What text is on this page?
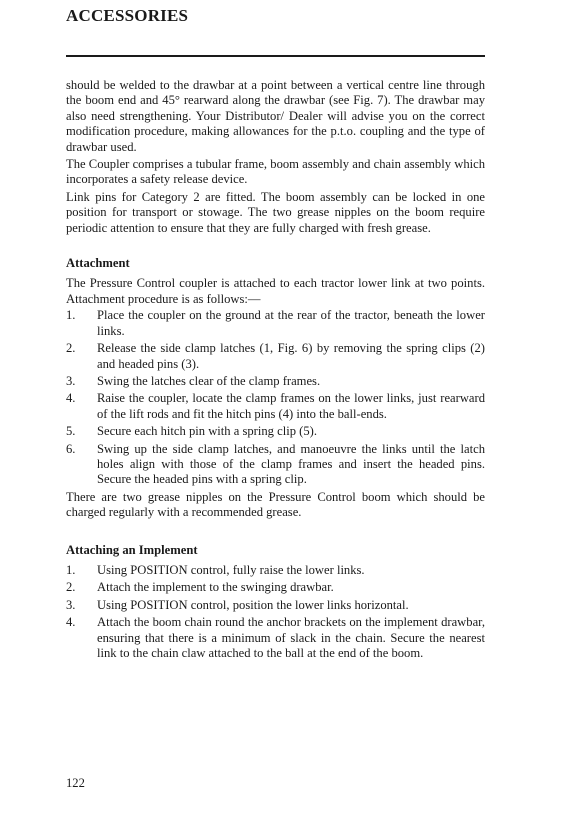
ACCESSORIES

should be welded to the drawbar at a point between a vertical centre line through the boom end and 45° rearward along the drawbar (see Fig. 7). The drawbar may also need strengthening. Your Distributor/ Dealer will advise you on the correct modification procedure, making allowances for the p.t.o. coupling and the type of drawbar used.

The Coupler comprises a tubular frame, boom assembly and chain assembly which incorporates a safety release device.

Link pins for Category 2 are fitted. The boom assembly can be locked in one position for transport or stowage. The two grease nipples on the boom require periodic attention to ensure that they are fully charged with fresh grease.

Attachment

The Pressure Control coupler is attached to each tractor lower link at two points. Attachment procedure is as follows:—

1.	Place the coupler on the ground at the rear of the tractor, beneath the lower links.
2.	Release the side clamp latches (1, Fig. 6) by removing the spring clips (2) and headed pins (3).
3.	Swing the latches clear of the clamp frames.
4.	Raise the coupler, locate the clamp frames on the lower links, just rearward of the lift rods and fit the hitch pins (4) into the ball-ends.
5.	Secure each hitch pin with a spring clip (5).
6.	Swing up the side clamp latches, and manoeuvre the links until the latch holes align with those of the clamp frames and insert the headed pins. Secure the headed pins with a spring clip.

There are two grease nipples on the Pressure Control boom which should be charged regularly with a recommended grease.

Attaching an Implement
1.	Using POSITION control, fully raise the lower links.
2.	Attach the implement to the swinging drawbar.
3.	Using POSITION control, position the lower links horizontal.
4.	Attach the boom chain round the anchor brackets on the implement drawbar, ensuring that there is a minimum of slack in the chain. Secure the nearest link to the chain claw attached to the ball at the end of the boom.
122
